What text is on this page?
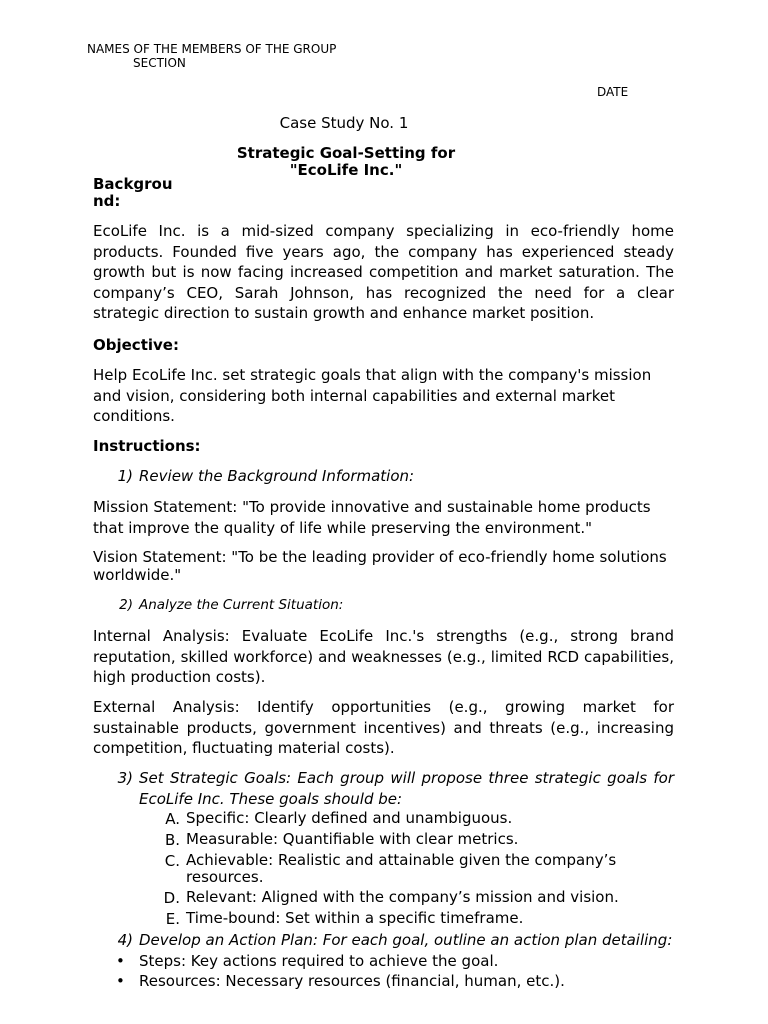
NAMES OF THE MEMBERS OF THE GROUP
SECTION
DATE
Case Study No. 1
Strategic Goal-Setting for
"EcoLife Inc."
Backgrou
nd:

EcoLife Inc. is a mid-sized company specializing in eco-friendly home products. Founded five years ago, the company has experienced steady growth but is now facing increased competition and market saturation. The company’s CEO, Sarah Johnson, has recognized the need for a clear strategic direction to sustain growth and enhance market position.

Objective:

Help EcoLife Inc. set strategic goals that align with the company's mission and vision, considering both internal capabilities and external market conditions.

Instructions:
1) Review the Background Information:

Mission Statement: "To provide innovative and sustainable home products that improve the quality of life while preserving the environment."

Vision Statement: "To be the leading provider of eco-friendly home solutions worldwide."

2) Analyze the Current Situation:

Internal Analysis: Evaluate EcoLife Inc.'s strengths (e.g., strong brand reputation, skilled workforce) and weaknesses (e.g., limited RCD capabilities, high production costs).

External Analysis: Identify opportunities (e.g., growing market for sustainable products, government incentives) and threats (e.g., increasing competition, fluctuating material costs).

3) Set Strategic Goals: Each group will propose three strategic goals for EcoLife Inc. These goals should be:

A. Specific: Clearly defined and unambiguous.
B. Measurable: Quantifiable with clear metrics.
C. Achievable: Realistic and attainable given the company’s resources.
D. Relevant: Aligned with the company’s mission and vision.
E. Time-bound: Set within a specific timeframe.
4) Develop an Action Plan: For each goal, outline an action plan detailing:
• Steps: Key actions required to achieve the goal.
• Resources: Necessary resources (financial, human, etc.).
